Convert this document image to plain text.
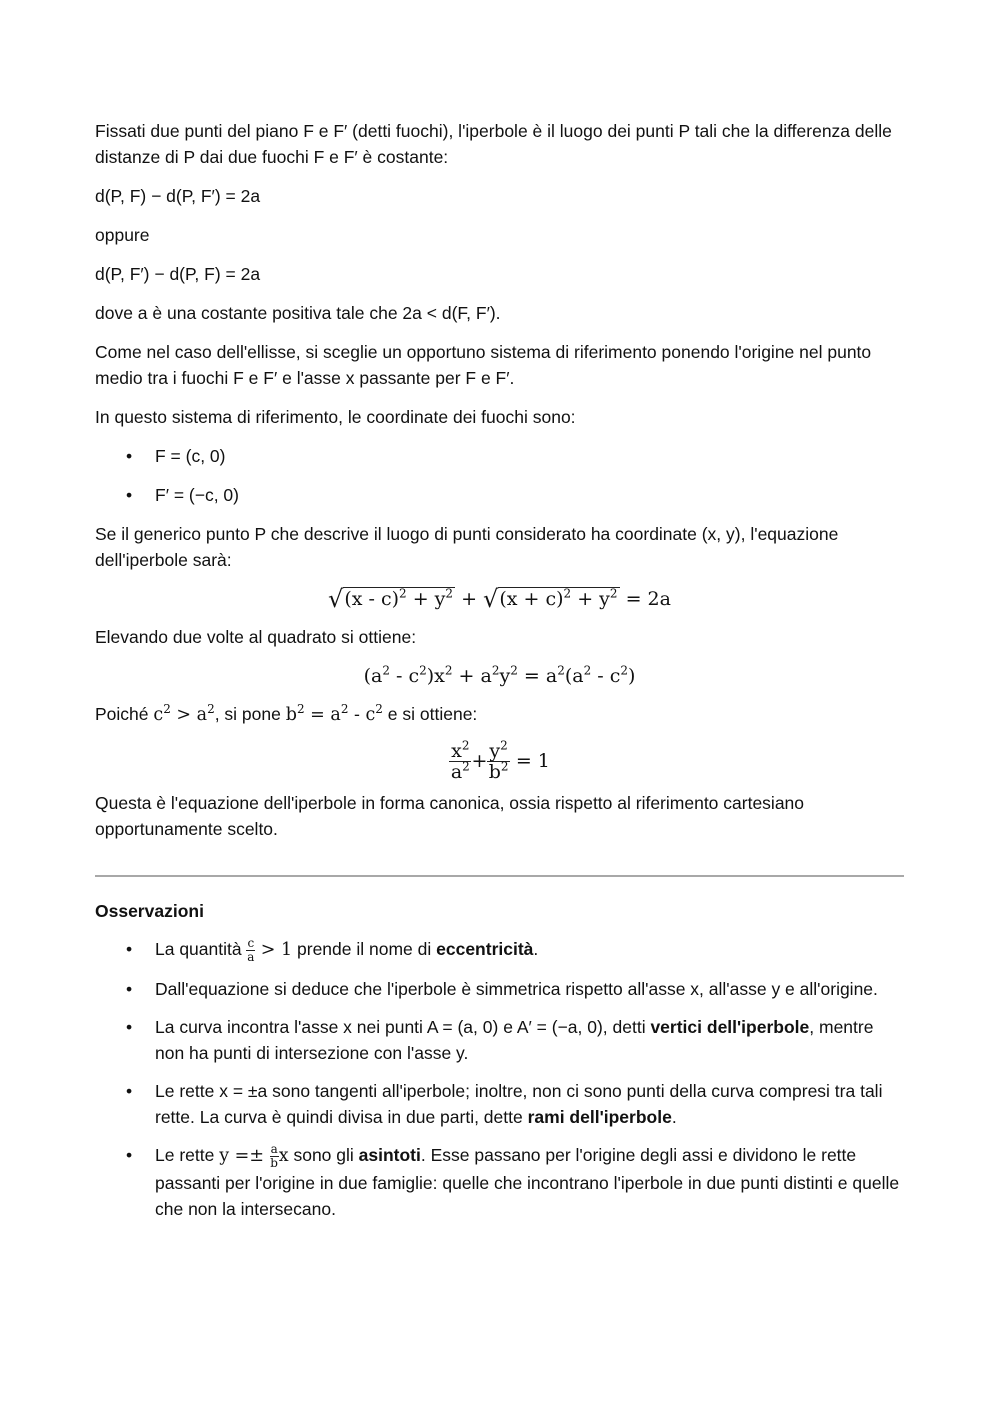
Fissati due punti del piano F e F′ (detti fuochi), l'iperbole è il luogo dei punti P tali che la differenza delle distanze di P dai due fuochi F e F′ è costante:

d(P, F) − d(P, F′) = 2a

oppure

d(P, F′) − d(P, F) = 2a

dove a è una costante positiva tale che 2a < d(F, F′).

Come nel caso dell'ellisse, si sceglie un opportuno sistema di riferimento ponendo l'origine nel punto medio tra i fuochi F e F′ e l'asse x passante per F e F′.

In questo sistema di riferimento, le coordinate dei fuochi sono:

• F = (c, 0)
• F′ = (−c, 0)

Se il generico punto P che descrive il luogo di punti considerato ha coordinate (x, y), l'equazione dell'iperbole sarà:

$√(x - c)^2 + y^2 + √(x + c)^2 + y^2 = 2a$

Elevando due volte al quadrato si ottiene:

$(a^2 - c^2)x^2 + a^2y^2 = a^2(a^2 - c^2)$

Poiché $c^2 > a^2$, si pone $b^2 = a^2 - c^2$ e si ottiene:

$\frac{x^2}{a^2} + \frac{y^2}{b^2} = 1$

Questa è l'equazione dell'iperbole in forma canonica, ossia rispetto al riferimento cartesiano opportunamente scelto.

Osservazioni

• La quantità $\frac{c}{a} > 1$ prende il nome di eccentricità.
• Dall'equazione si deduce che l'iperbole è simmetrica rispetto all'asse x, all'asse y e all'origine.
• La curva incontra l'asse x nei punti A = (a, 0) e A′ = (−a, 0), detti vertici dell'iperbole, mentre non ha punti di intersezione con l'asse y.
• Le rette x = ±a sono tangenti all'iperbole; inoltre, non ci sono punti della curva compresi tra tali rette. La curva è quindi divisa in due parti, dette rami dell'iperbole.
• Le rette $y =\pm \frac{a}{b}$ x sono gli asintoti. Esse passano per l'origine degli assi e dividono le rette passanti per l'origine in due famiglie: quelle che incontrano l'iperbole in due punti distinti e quelle che non la intersecano.
